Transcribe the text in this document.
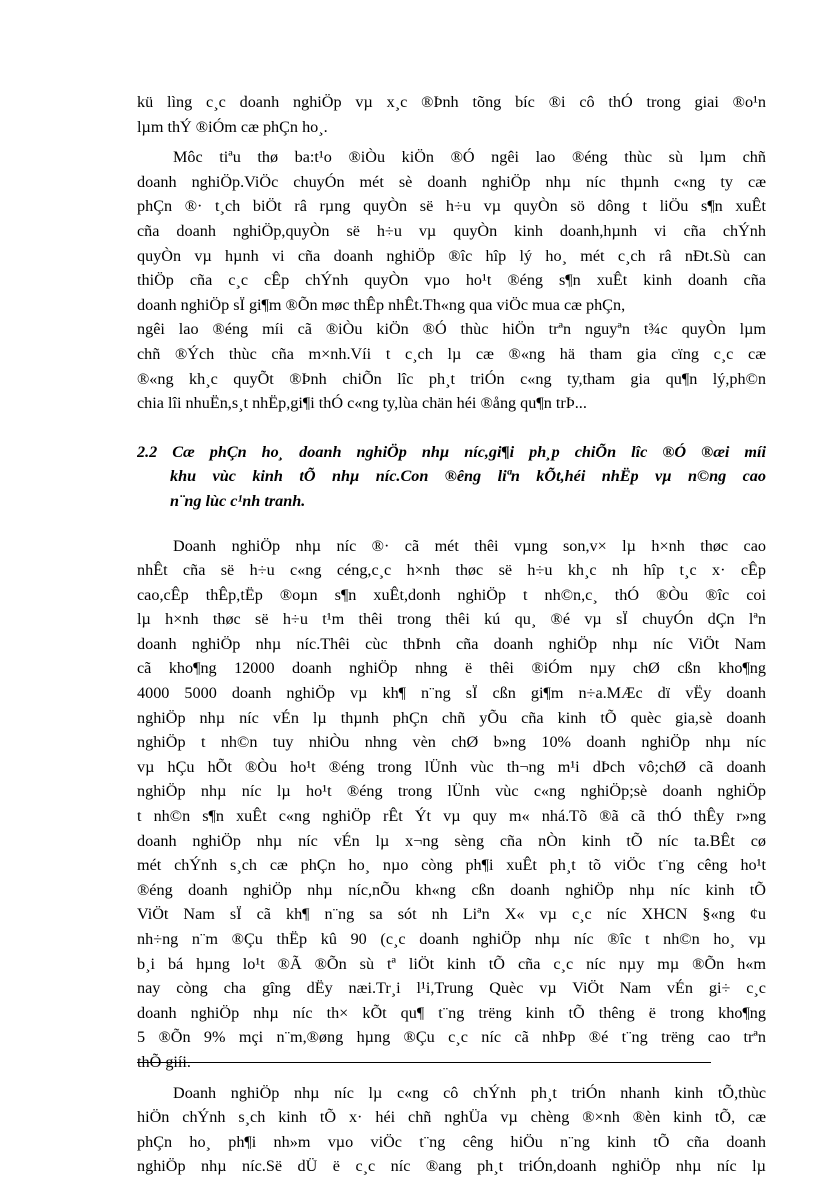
kü lìng c¸c doanh nghiÖp vµ x¸c ®Þnh tõng bíc ®i cô thÓ trong giai ®o¹n
lµm thÝ ®iÓm cæ phÇn ho¸.
Môc tiªu thø ba:t¹o ®iÒu kiÖn ®Ó ngêi lao ®éng thùc sù lµm chñ
doanh nghiÖp.ViÖc chuyÓn mét sè doanh nghiÖp nhµ níc thµnh c«ng ty cæ
phÇn ®· t¸ch biÖt râ rµng quyÒn së h÷u vµ quyÒn sö dông t liÖu s¶n xuÊt
cña doanh nghiÖp,quyÒn së h÷u vµ quyÒn kinh doanh,hµnh vi cña chÝnh
quyÒn vµ hµnh vi cña doanh nghiÖp ®îc hîp lý ho¸ mét c¸ch râ nÐt.Sù can
thiÖp cña c¸c cÊp chÝnh quyÒn vµo ho¹t ®éng s¶n xuÊt kinh doanh cña
doanh nghiÖp sÏ gi¶m ®Õn møc thÊp nhÊt.Th«ng qua viÖc mua cæ phÇn,
ngêi lao ®éng míi cã ®iÒu kiÖn ®Ó thùc hiÖn trªn nguyªn t¾c quyÒn lµm
chñ ®Ých thùc cña m×nh.Víi t c¸ch lµ cæ ®«ng hä tham gia cïng c¸c cæ
®«ng kh¸c quyÕt ®Þnh chiÕn lîc ph¸t triÓn c«ng ty,tham gia qu¶n lý,ph©n
chia lîi nhuËn,s¸t nhËp,gi¶i thÓ c«ng ty,lùa chän héi ®ång qu¶n trÞ...
2.2 Cæ phÇn ho¸ doanh nghiÖp nhµ níc,gi¶i ph¸p chiÕn lîc ®Ó ®æi míi
khu vùc kinh tÕ nhµ níc.Con ®êng liªn kÕt,héi nhËp vµ n©ng cao
n¨ng lùc c¹nh tranh.
Doanh nghiÖp nhµ níc ®· cã mét thêi vµng son,v× lµ h×nh thøc cao
nhÊt cña së h÷u c«ng céng,c¸c h×nh thøc së h÷u kh¸c nh hîp t¸c x· cÊp
cao,cÊp thÊp,tËp ®oµn s¶n xuÊt,donh nghiÖp t nh©n,c¸ thÓ ®Òu ®îc coi
lµ h×nh thøc së h÷u t¹m thêi trong thêi kú qu¸ ®é vµ sÏ chuyÓn dÇn lªn
doanh nghiÖp nhµ níc.Thêi cùc thÞnh cña doanh nghiÖp nhµ níc ViÖt Nam
cã kho¶ng 12000 doanh nghiÖp nhng ë thêi ®iÓm nµy chØ cßn kho¶ng
4000 5000 doanh nghiÖp vµ kh¶ n¨ng sÏ cßn gi¶m n÷a.MÆc dï vËy doanh
nghiÖp nhµ níc vÉn lµ thµnh phÇn chñ yÕu cña kinh tÕ quèc gia,sè doanh
nghiÖp t nh©n tuy nhiÒu nhng vèn chØ b»ng 10% doanh nghiÖp nhµ níc
vµ hÇu hÕt ®Òu ho¹t ®éng trong lÜnh vùc th¬ng m¹i dÞch vô;chØ cã doanh
nghiÖp nhµ níc lµ ho¹t ®éng trong lÜnh vùc c«ng nghiÖp;sè doanh nghiÖp
t nh©n s¶n xuÊt c«ng nghiÖp rÊt Ýt vµ quy m« nhá.Tõ ®ã cã thÓ thÊy r»ng
doanh nghiÖp nhµ níc vÉn lµ x¬ng sèng cña nÒn kinh tÕ níc ta.BÊt cø
mét chÝnh s¸ch cæ phÇn ho¸ nµo còng ph¶i xuÊt ph¸t tõ viÖc t¨ng cêng ho¹t
®éng doanh nghiÖp nhµ níc,nÕu kh«ng cßn doanh nghiÖp nhµ níc kinh tÕ
ViÖt Nam sÏ cã kh¶ n¨ng sa sót nh Liªn X« vµ c¸c níc XHCN §«ng ¢u
nh÷ng n¨m ®Çu thËp kû 90 (c¸c doanh nghiÖp nhµ níc ®îc t nh©n ho¸ vµ
b¸i bá hµng lo¹t ®Ã ®Õn sù tª liÖt kinh tÕ cña c¸c níc nµy mµ ®Õn h«m
nay còng cha gîng dËy næi.Tr¸i l¹i,Trung Quèc vµ ViÖt Nam vÉn gi÷ c¸c
doanh nghiÖp nhµ níc th× kÕt qu¶ t¨ng trëng kinh tÕ thêng ë trong kho¶ng
5 ®Õn 9% mçi n¨m,®øng hµng ®Çu c¸c níc cã nhÞp ®é t¨ng trëng cao trªn
thÕ giíi.
Doanh nghiÖp nhµ níc lµ c«ng cô chÝnh ph¸t triÓn nhanh kinh tÕ,thùc
hiÖn chÝnh s¸ch kinh tÕ x· héi chñ nghÜa vµ chèng ®×nh ®èn kinh tÕ, cæ
phÇn ho¸ ph¶i nh»m vµo viÖc t¨ng cêng hiÖu n¨ng kinh tÕ cña doanh
nghiÖp nhµ níc.Së dÜ ë c¸c níc ®ang ph¸t triÓn,doanh nghiÖp nhµ níc lµ
